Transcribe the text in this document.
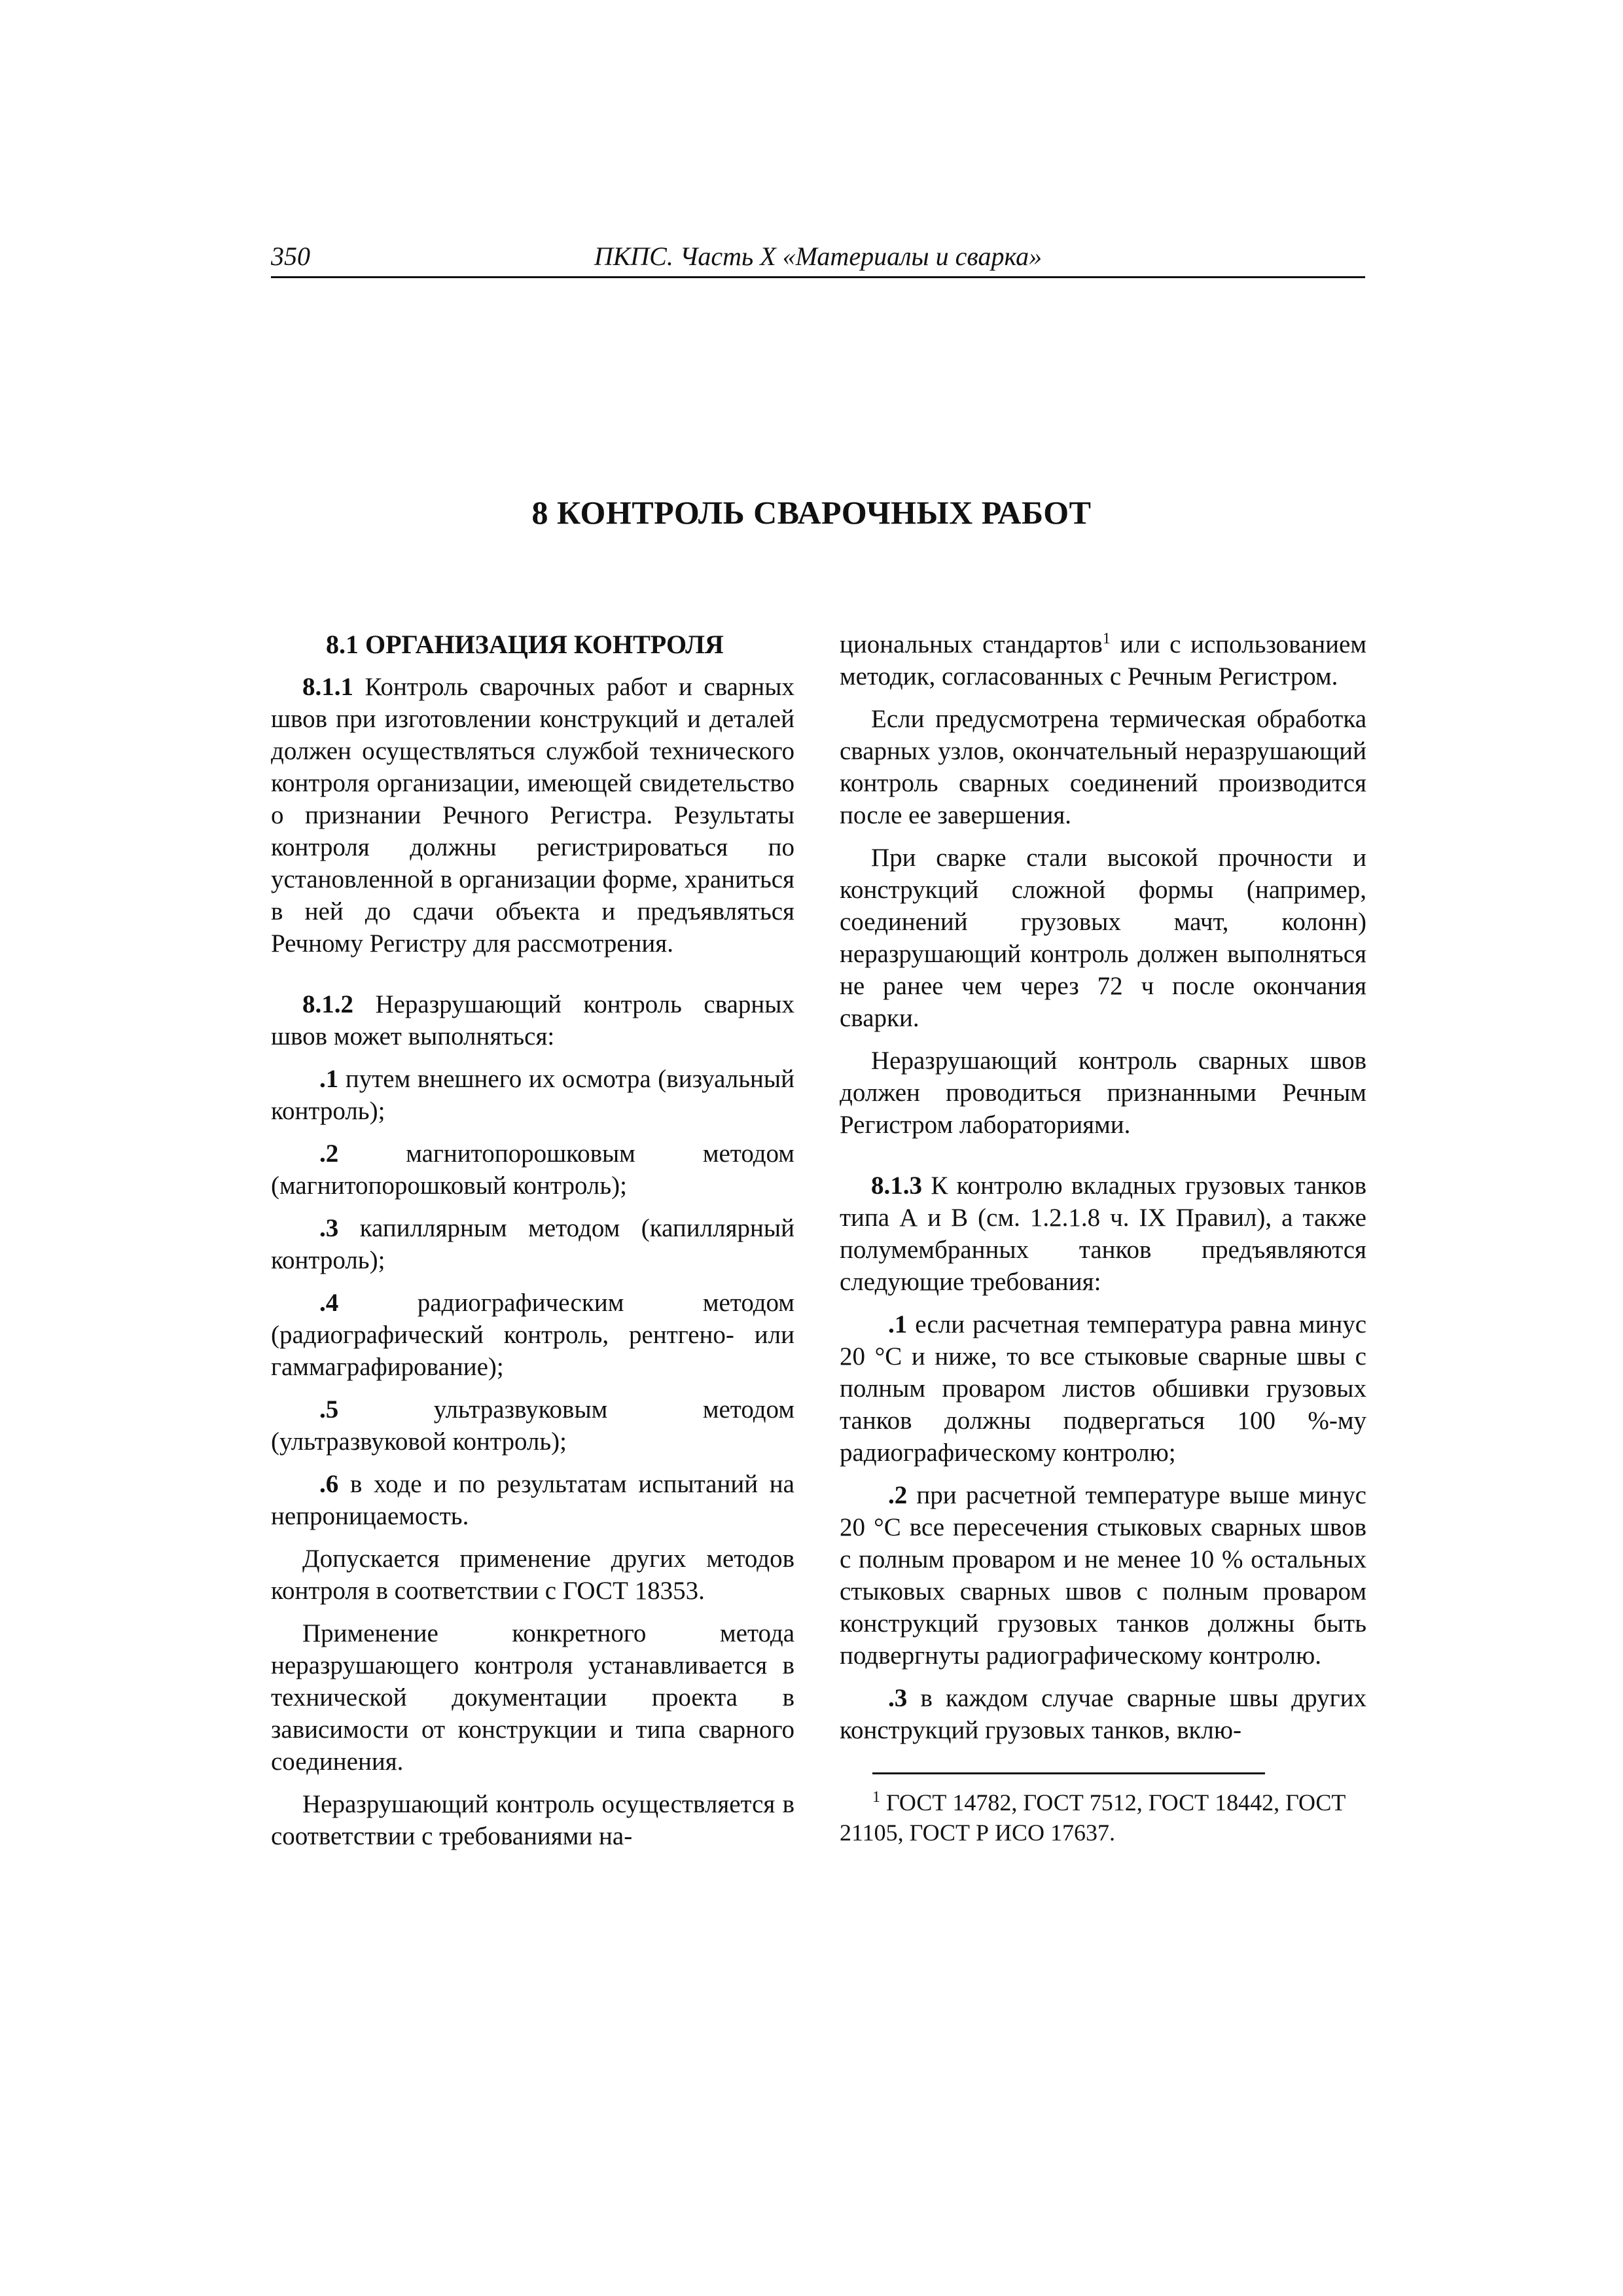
350	ПКПС. Часть X «Материалы и сварка»
8 КОНТРОЛЬ СВАРОЧНЫХ РАБОТ

8.1 ОРГАНИЗАЦИЯ КОНТРОЛЯ

8.1.1 Контроль сварочных работ и сварных швов при изготовлении конструкций и деталей должен осуществляться службой технического контроля организации, имеющей свидетельство о признании Речного Регистра. Результаты контроля должны регистрироваться по установленной в организации форме, храниться в ней до сдачи объекта и предъявляться Речному Регистру для рассмотрения.

8.1.2 Неразрушающий контроль сварных швов может выполняться:

.1 путем внешнего их осмотра (визуальный контроль);

.2 магнитопорошковым методом (магнитопорошковый контроль);

.3 капиллярным методом (капиллярный контроль);

.4 радиографическим методом (радиографический контроль, рентгено- или гаммаграфирование);

.5 ультразвуковым методом (ультразвуковой контроль);

.6 в ходе и по результатам испытаний на непроницаемость.

Допускается применение других методов контроля в соответствии с ГОСТ 18353.

Применение конкретного метода неразрушающего контроля устанавливается в технической документации проекта в зависимости от конструкции и типа сварного соединения.

Неразрушающий контроль осуществляется в соответствии с требованиями на-

циональных стандартов$^1$ или с использованием методик, согласованных с Речным Регистром.

Если предусмотрена термическая обработка сварных узлов, окончательный неразрушающий контроль сварных соединений производится после ее завершения.

При сварке стали высокой прочности и конструкций сложной формы (например, соединений грузовых мачт, колонн) неразрушающий контроль должен выполняться не ранее чем через 72 ч после окончания сварки.

Неразрушающий контроль сварных швов должен проводиться признанными Речным Регистром лабораториями.

8.1.3 К контролю вкладных грузовых танков типа А и В (см. 1.2.1.8 ч. IX Правил), а также полумембранных танков предъявляются следующие требования:

.1 если расчетная температура равна минус 20 °C и ниже, то все стыковые сварные швы с полным проваром листов обшивки грузовых танков должны подвергаться 100 %-му радиографическому контролю;

.2 при расчетной температуре выше минус 20 °C все пересечения стыковых сварных швов с полным проваром и не менее 10 % остальных стыковых сварных швов с полным проваром конструкций грузовых танков должны быть подвергнуты радиографическому контролю.

.3 в каждом случае сварные швы других конструкций грузовых танков, вклю-

$^1$ ГОСТ 14782, ГОСТ 7512, ГОСТ 18442, ГОСТ 21105, ГОСТ Р ИСО 17637.
